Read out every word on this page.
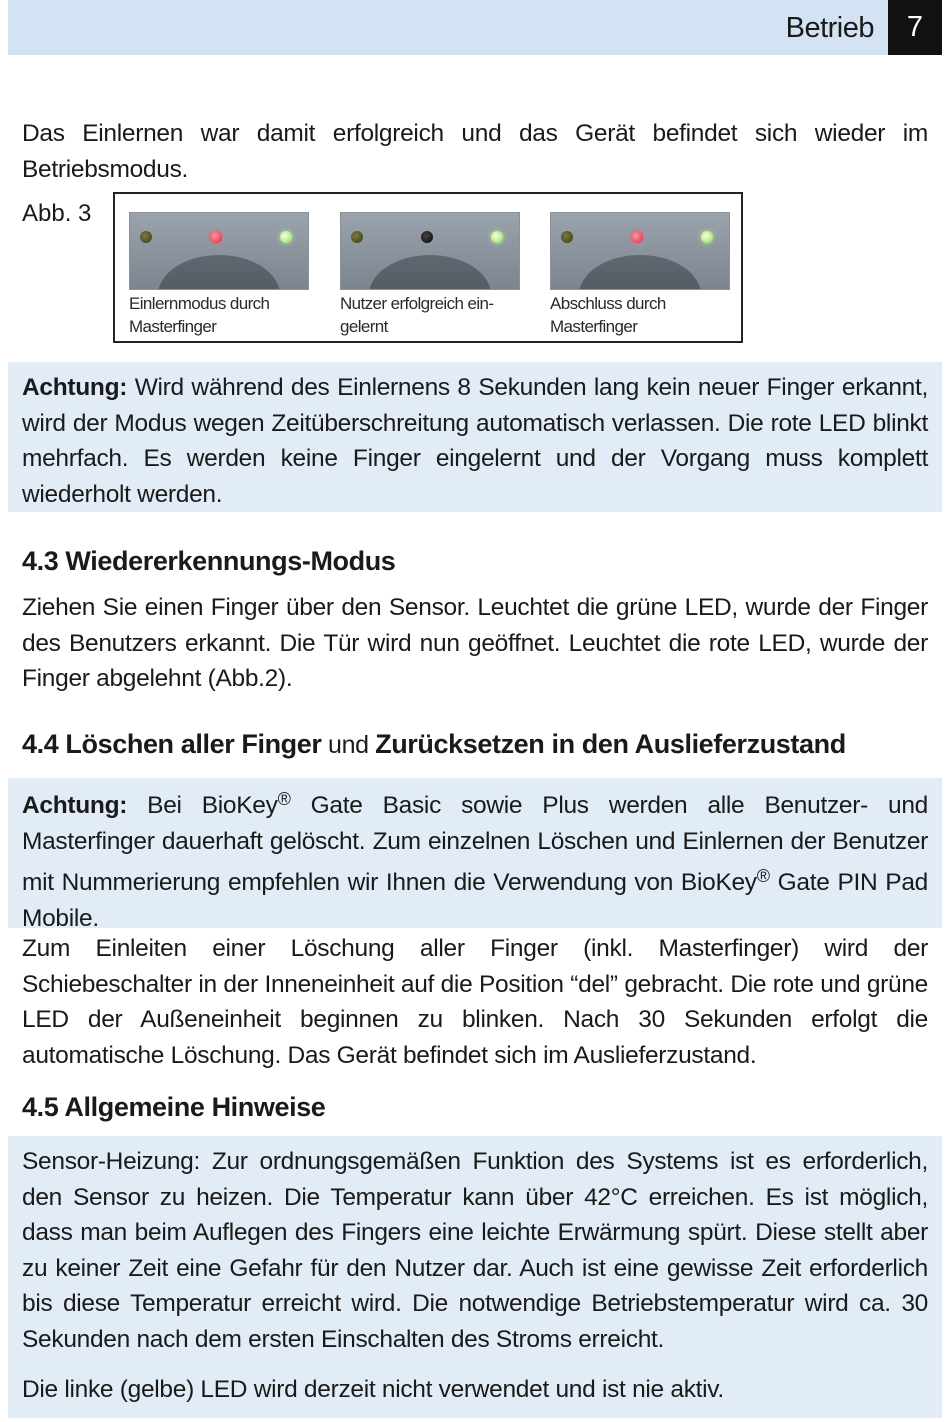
Betrieb	7

Das Einlernen war damit erfolgreich und das Gerät befindet sich wieder im Betriebsmodus.

Abb. 3
Einlernmodus durch
Masterfinger
Nutzer erfolgreich ein-
gelernt
Abschluss durch
Masterfinger

Achtung: Wird während des Einlernens 8 Sekunden lang kein neuer Finger erkannt, wird der Modus wegen Zeitüberschreitung automatisch verlassen. Die rote LED blinkt mehrfach. Es werden keine Finger eingelernt und der Vorgang muss komplett wiederholt werden.

4.3 Wiedererkennungs-Modus

Ziehen Sie einen Finger über den Sensor. Leuchtet die grüne LED, wurde der Finger des Benutzers erkannt. Die Tür wird nun geöffnet. Leuchtet die rote LED, wurde der Finger abgelehnt (Abb.2).

4.4 Löschen aller Finger und Zurücksetzen in den Auslieferzustand

Achtung: Bei BioKey® Gate Basic sowie Plus werden alle Benutzer- und Masterfinger dauerhaft gelöscht. Zum einzelnen Löschen und Einlernen der Benutzer mit Nummerierung empfehlen wir Ihnen die Verwendung von BioKey® Gate PIN Pad Mobile.

Zum Einleiten einer Löschung aller Finger (inkl. Masterfinger) wird der Schiebeschalter in der Inneneinheit auf die Position “del” gebracht. Die rote und grüne LED der Außeneinheit beginnen zu blinken. Nach 30 Sekunden erfolgt die automatische Löschung. Das Gerät befindet sich im Auslieferzustand.

4.5 Allgemeine Hinweise

Sensor-Heizung: Zur ordnungsgemäßen Funktion des Systems ist es erforderlich, den Sensor zu heizen. Die Temperatur kann über 42°C erreichen. Es ist möglich, dass man beim Auflegen des Fingers eine leichte Erwärmung spürt. Diese stellt aber zu keiner Zeit eine Gefahr für den Nutzer dar. Auch ist eine gewisse Zeit erforderlich bis diese Temperatur erreicht wird. Die notwendige Betriebstemperatur wird ca. 30 Sekunden nach dem ersten Einschalten des Stroms erreicht.

Die linke (gelbe) LED wird derzeit nicht verwendet und ist nie aktiv.
